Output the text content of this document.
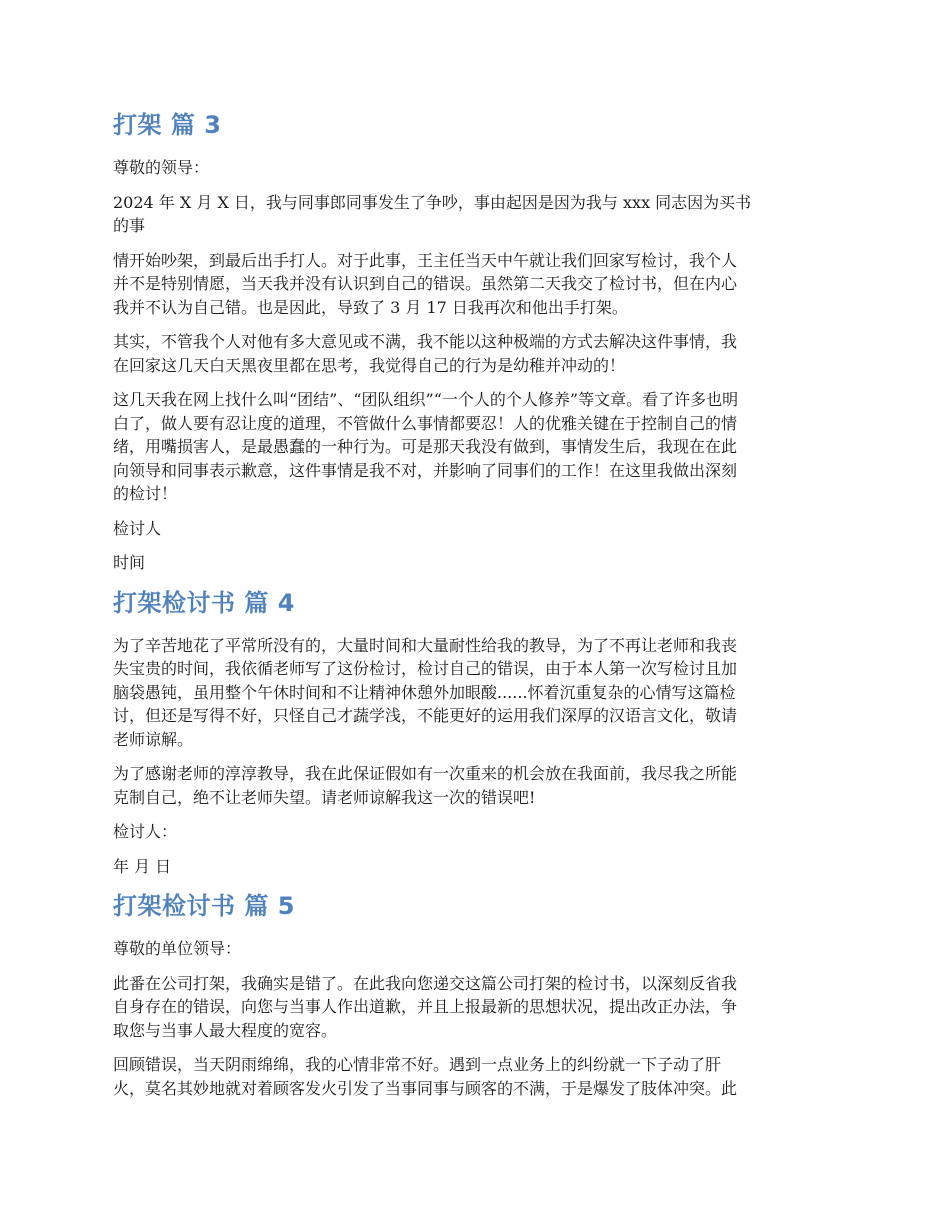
打架 篇 3
尊敬的领导：
2024 年 X 月 X 日，我与同事郎同事发生了争吵，事由起因是因为我与 xxx 同志因为买书
的事
情开始吵架，到最后出手打人。对于此事，王主任当天中午就让我们回家写检讨，我个人
并不是特别情愿，当天我并没有认识到自己的错误。虽然第二天我交了检讨书，但在内心
我并不认为自己错。也是因此，导致了 3 月 17 日我再次和他出手打架。
其实，不管我个人对他有多大意见或不满，我不能以这种极端的方式去解决这件事情，我
在回家这几天白天黑夜里都在思考，我觉得自己的行为是幼稚并冲动的！
这几天我在网上找什么叫“团结”、“团队组织”“一个人的个人修养”等文章。看了许多也明
白了，做人要有忍让度的道理，不管做什么事情都要忍！人的优雅关键在于控制自己的情
绪，用嘴损害人，是最愚蠢的一种行为。可是那天我没有做到，事情发生后，我现在在此
向领导和同事表示歉意，这件事情是我不对，并影响了同事们的工作！在这里我做出深刻
的检讨！
检讨人
时间
打架检讨书 篇 4
为了辛苦地花了平常所没有的，大量时间和大量耐性给我的教导，为了不再让老师和我丧
失宝贵的时间，我依循老师写了这份检讨，检讨自己的错误，由于本人第一次写检讨且加
脑袋愚钝，虽用整个午休时间和不让精神休憩外加眼酸......怀着沉重复杂的心情写这篇检
讨，但还是写得不好，只怪自己才蔬学浅，不能更好的运用我们深厚的汉语言文化，敬请
老师谅解。
为了感谢老师的淳淳教导，我在此保证假如有一次重来的机会放在我面前，我尽我之所能
克制自己，绝不让老师失望。请老师谅解我这一次的错误吧!
检讨人：
年 月 日
打架检讨书 篇 5
尊敬的单位领导：
此番在公司打架，我确实是错了。在此我向您递交这篇公司打架的检讨书，以深刻反省我
自身存在的错误，向您与当事人作出道歉，并且上报最新的思想状况，提出改正办法，争
取您与当事人最大程度的宽容。
回顾错误，当天阴雨绵绵，我的心情非常不好。遇到一点业务上的纠纷就一下子动了肝
火，莫名其妙地就对着顾客发火引发了当事同事与顾客的不满，于是爆发了肢体冲突。此
